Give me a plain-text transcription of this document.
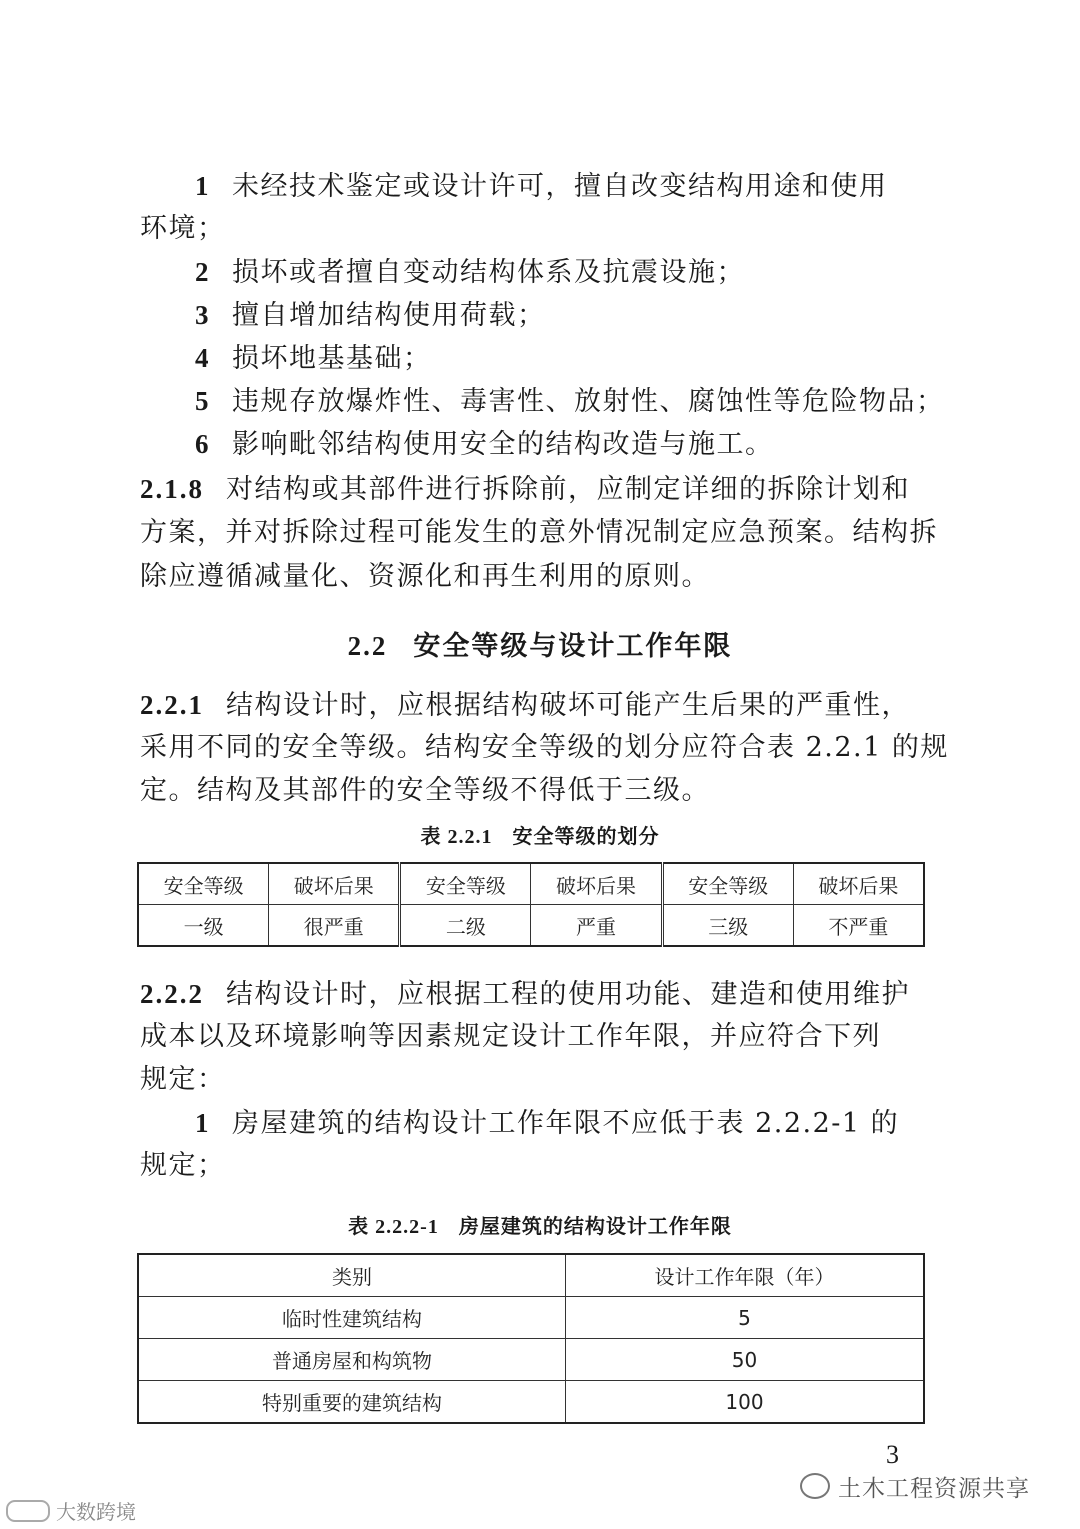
1 未经技术鉴定或设计许可，擅自改变结构用途和使用
环境；
2 损坏或者擅自变动结构体系及抗震设施；
3 擅自增加结构使用荷载；
4 损坏地基基础；
5 违规存放爆炸性、毒害性、放射性、腐蚀性等危险物品；
6 影响毗邻结构使用安全的结构改造与施工。
2.1.8 对结构或其部件进行拆除前，应制定详细的拆除计划和
方案，并对拆除过程可能发生的意外情况制定应急预案。结构拆
除应遵循减量化、资源化和再生利用的原则。
2.2 安全等级与设计工作年限
2.2.1 结构设计时，应根据结构破坏可能产生后果的严重性，
采用不同的安全等级。结构安全等级的划分应符合表 2.2.1 的规
定。结构及其部件的安全等级不得低于三级。
表 2.2.1 安全等级的划分
安全等级	破坏后果	安全等级	破坏后果	安全等级	破坏后果
一级	很严重	二级	严重	三级	不严重
2.2.2 结构设计时，应根据工程的使用功能、建造和使用维护
成本以及环境影响等因素规定设计工作年限，并应符合下列
规定：
1 房屋建筑的结构设计工作年限不应低于表 2.2.2-1 的
规定；
表 2.2.2-1 房屋建筑的结构设计工作年限
类别	设计工作年限（年）
临时性建筑结构	5
普通房屋和构筑物	50
特别重要的建筑结构	100
3
土木工程资源共享
大数跨境
